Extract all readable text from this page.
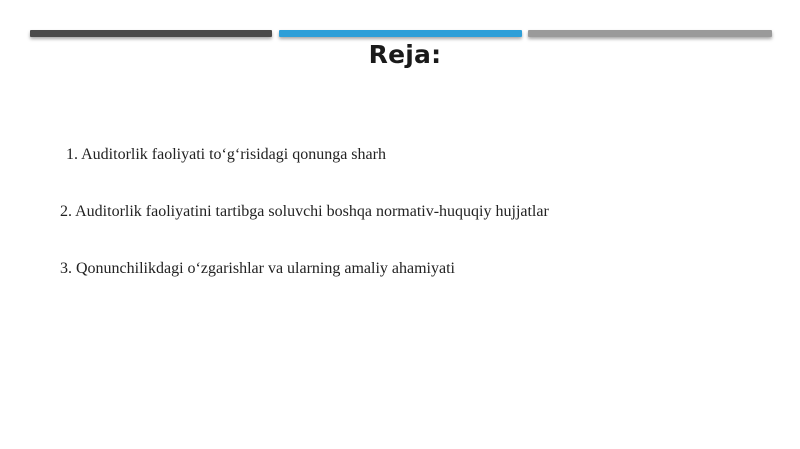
Reja:
1. Auditorlik faoliyati to‘g‘risidagi qonunga sharh
2. Auditorlik faoliyatini tartibga soluvchi boshqa normativ-huquqiy hujjatlar
3. Qonunchilikdagi o‘zgarishlar va ularning amaliy ahamiyati
